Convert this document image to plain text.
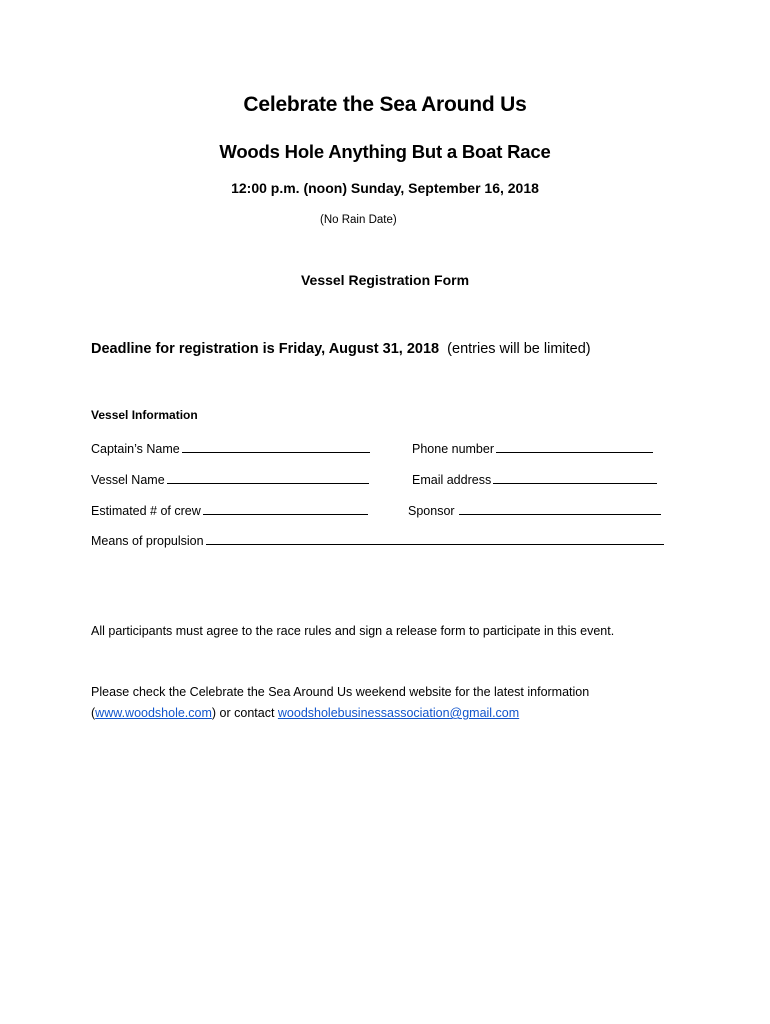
Celebrate the Sea Around Us
Woods Hole Anything But a Boat Race
12:00 p.m. (noon) Sunday, September 16, 2018
(No Rain Date)
Vessel Registration Form
Deadline for registration is Friday, August 31, 2018 (entries will be limited)
Vessel Information
Captain’s Name	Phone number
Vessel Name	Email address
Estimated # of crew	Sponsor
Means of propulsion
All participants must agree to the race rules and sign a release form to participate in this event.
Please check the Celebrate the Sea Around Us weekend website for the latest information
(www.woodshole.com) or contact woodsholebusinessassociation@gmail.com
